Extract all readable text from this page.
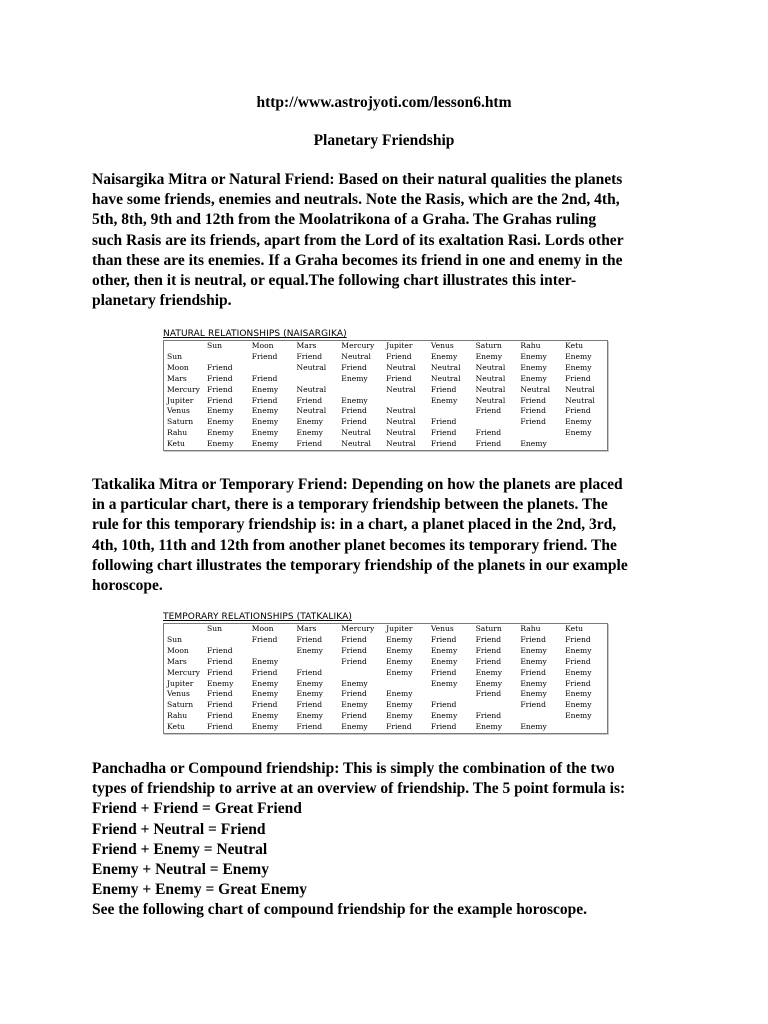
http://www.astrojyoti.com/lesson6.htm
Planetary Friendship
Naisargika Mitra or Natural Friend: Based on their natural qualities the planets
have some friends, enemies and neutrals. Note the Rasis, which are the 2nd, 4th,
5th, 8th, 9th and 12th from the Moolatrikona of a Graha. The Grahas ruling
such Rasis are its friends, apart from the Lord of its exaltation Rasi. Lords other
than these are its enemies. If a Graha becomes its friend in one and enemy in the
other, then it is neutral, or equal.The following chart illustrates this inter-
planetary friendship.
NATURAL RELATIONSHIPS (NAISARGIKA)
	Sun	Moon	Mars	Mercury	Jupiter	Venus	Saturn	Rahu	Ketu
Sun		Friend	Friend	Neutral	Friend	Enemy	Enemy	Enemy	Enemy
Moon	Friend		Neutral	Friend	Neutral	Neutral	Neutral	Enemy	Enemy
Mars	Friend	Friend		Enemy	Friend	Neutral	Neutral	Enemy	Friend
Mercury	Friend	Enemy	Neutral		Neutral	Friend	Neutral	Neutral	Neutral
Jupiter	Friend	Friend	Friend	Enemy		Enemy	Neutral	Friend	Neutral
Venus	Enemy	Enemy	Neutral	Friend	Neutral		Friend	Friend	Friend
Saturn	Enemy	Enemy	Enemy	Friend	Neutral	Friend		Friend	Enemy
Rahu	Enemy	Enemy	Enemy	Neutral	Neutral	Friend	Friend		Enemy
Ketu	Enemy	Enemy	Friend	Neutral	Neutral	Friend	Friend	Enemy	
Tatkalika Mitra or Temporary Friend: Depending on how the planets are placed
in a particular chart, there is a temporary friendship between the planets. The
rule for this temporary friendship is: in a chart, a planet placed in the 2nd, 3rd,
4th, 10th, 11th and 12th from another planet becomes its temporary friend. The
following chart illustrates the temporary friendship of the planets in our example
horoscope.
TEMPORARY RELATIONSHIPS (TATKALIKA)
	Sun	Moon	Mars	Mercury	Jupiter	Venus	Saturn	Rahu	Ketu
Sun		Friend	Friend	Friend	Enemy	Friend	Friend	Friend	Friend
Moon	Friend		Enemy	Friend	Enemy	Enemy	Friend	Enemy	Enemy
Mars	Friend	Enemy		Friend	Enemy	Enemy	Friend	Enemy	Friend
Mercury	Friend	Friend	Friend		Enemy	Friend	Enemy	Friend	Enemy
Jupiter	Enemy	Enemy	Enemy	Enemy		Enemy	Enemy	Enemy	Friend
Venus	Friend	Enemy	Enemy	Friend	Enemy		Friend	Enemy	Enemy
Saturn	Friend	Friend	Friend	Enemy	Enemy	Friend		Friend	Enemy
Rahu	Friend	Enemy	Enemy	Friend	Enemy	Enemy	Friend		Enemy
Ketu	Friend	Enemy	Friend	Enemy	Friend	Friend	Enemy	Enemy	
Panchadha or Compound friendship: This is simply the combination of the two
types of friendship to arrive at an overview of friendship. The 5 point formula is:
Friend + Friend = Great Friend
Friend + Neutral = Friend
Friend + Enemy = Neutral
Enemy + Neutral = Enemy
Enemy + Enemy = Great Enemy
See the following chart of compound friendship for the example horoscope.
